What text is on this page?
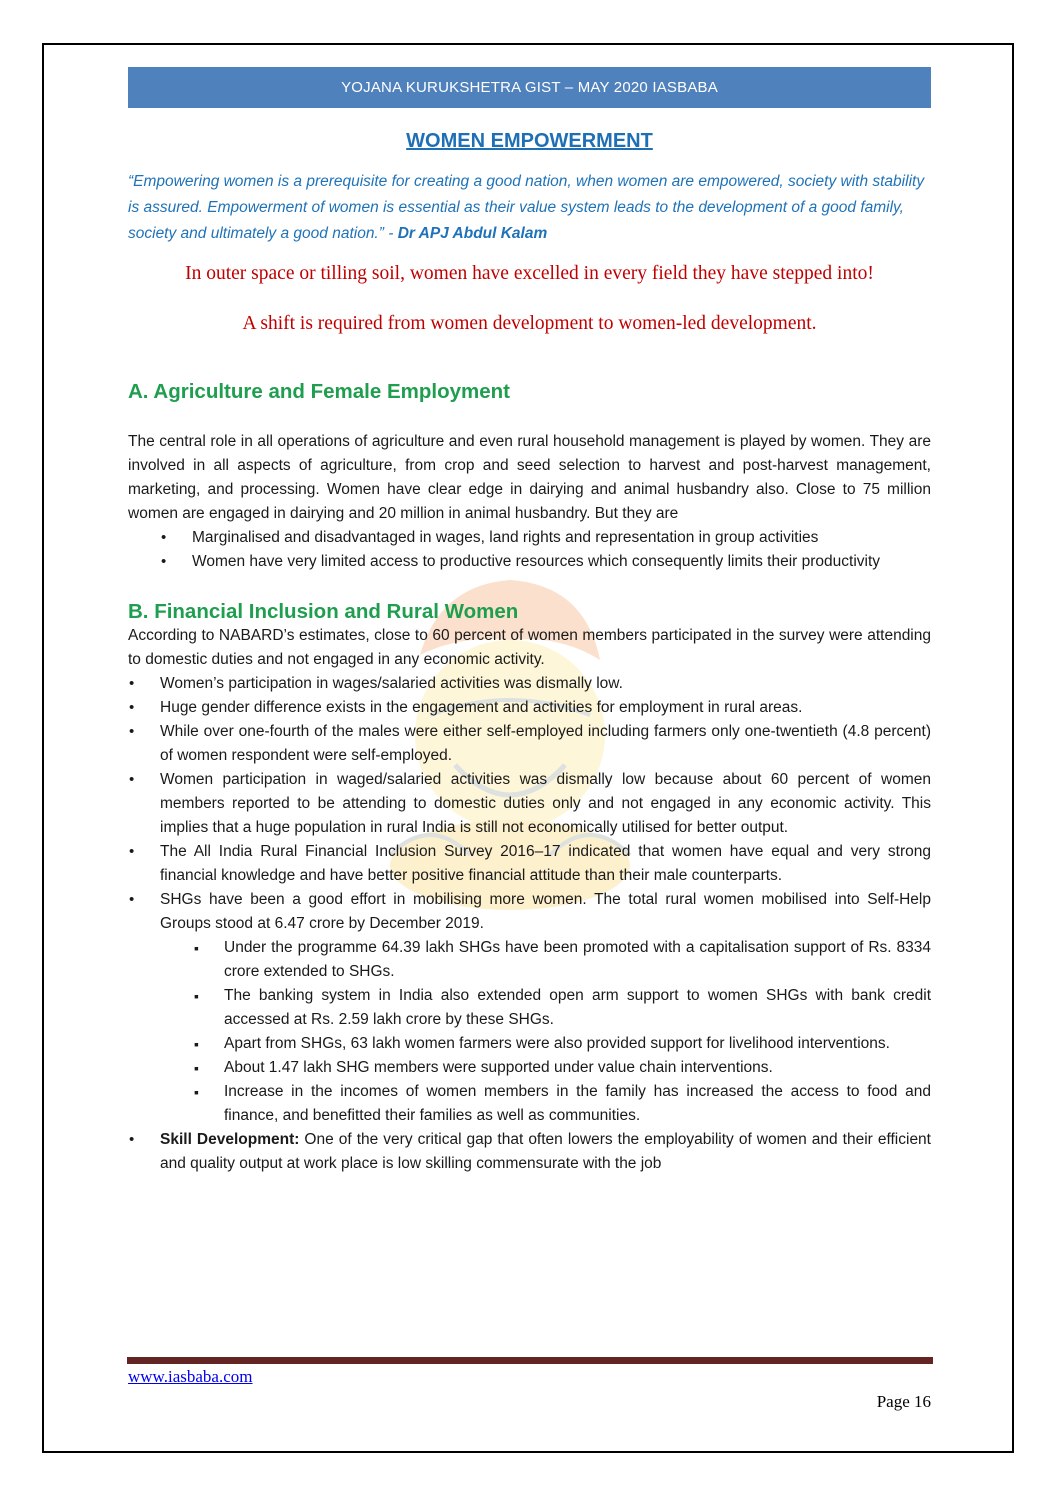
YOJANA KURUKSHETRA GIST – MAY 2020 IASBABA
WOMEN EMPOWERMENT

“Empowering women is a prerequisite for creating a good nation, when women are empowered, society with stability is assured. Empowerment of women is essential as their value system leads to the development of a good family, society and ultimately a good nation.” - Dr APJ Abdul Kalam

In outer space or tilling soil, women have excelled in every field they have stepped into!

A shift is required from women development to women-led development.

A. Agriculture and Female Employment

The central role in all operations of agriculture and even rural household management is played by women. They are involved in all aspects of agriculture, from crop and seed selection to harvest and post-harvest management, marketing, and processing. Women have clear edge in dairying and animal husbandry also. Close to 75 million women are engaged in dairying and 20 million in animal husbandry. But they are

• Marginalised and disadvantaged in wages, land rights and representation in group activities
• Women have very limited access to productive resources which consequently limits their productivity
B. Financial Inclusion and Rural Women

According to NABARD’s estimates, close to 60 percent of women members participated in the survey were attending to domestic duties and not engaged in any economic activity.

• Women’s participation in wages/salaried activities was dismally low.
• Huge gender difference exists in the engagement and activities for employment in rural areas.
• While over one-fourth of the males were either self-employed including farmers only one-twentieth (4.8 percent) of women respondent were self-employed.
• Women participation in waged/salaried activities was dismally low because about 60 percent of women members reported to be attending to domestic duties only and not engaged in any economic activity. This implies that a huge population in rural India is still not economically utilised for better output.
• The All India Rural Financial Inclusion Survey 2016–17 indicated that women have equal and very strong financial knowledge and have better positive financial attitude than their male counterparts.
• SHGs have been a good effort in mobilising more women. The total rural women mobilised into Self-Help Groups stood at 6.47 crore by December 2019.
▪ Under the programme 64.39 lakh SHGs have been promoted with a capitalisation support of Rs. 8334 crore extended to SHGs.
▪ The banking system in India also extended open arm support to women SHGs with bank credit accessed at Rs. 2.59 lakh crore by these SHGs.
▪ Apart from SHGs, 63 lakh women farmers were also provided support for livelihood interventions.
▪ About 1.47 lakh SHG members were supported under value chain interventions.
▪ Increase in the incomes of women members in the family has increased the access to food and finance, and benefitted their families as well as communities.
• Skill Development: One of the very critical gap that often lowers the employability of women and their efficient and quality output at work place is low skilling commensurate with the job
www.iasbaba.com
Page 16
